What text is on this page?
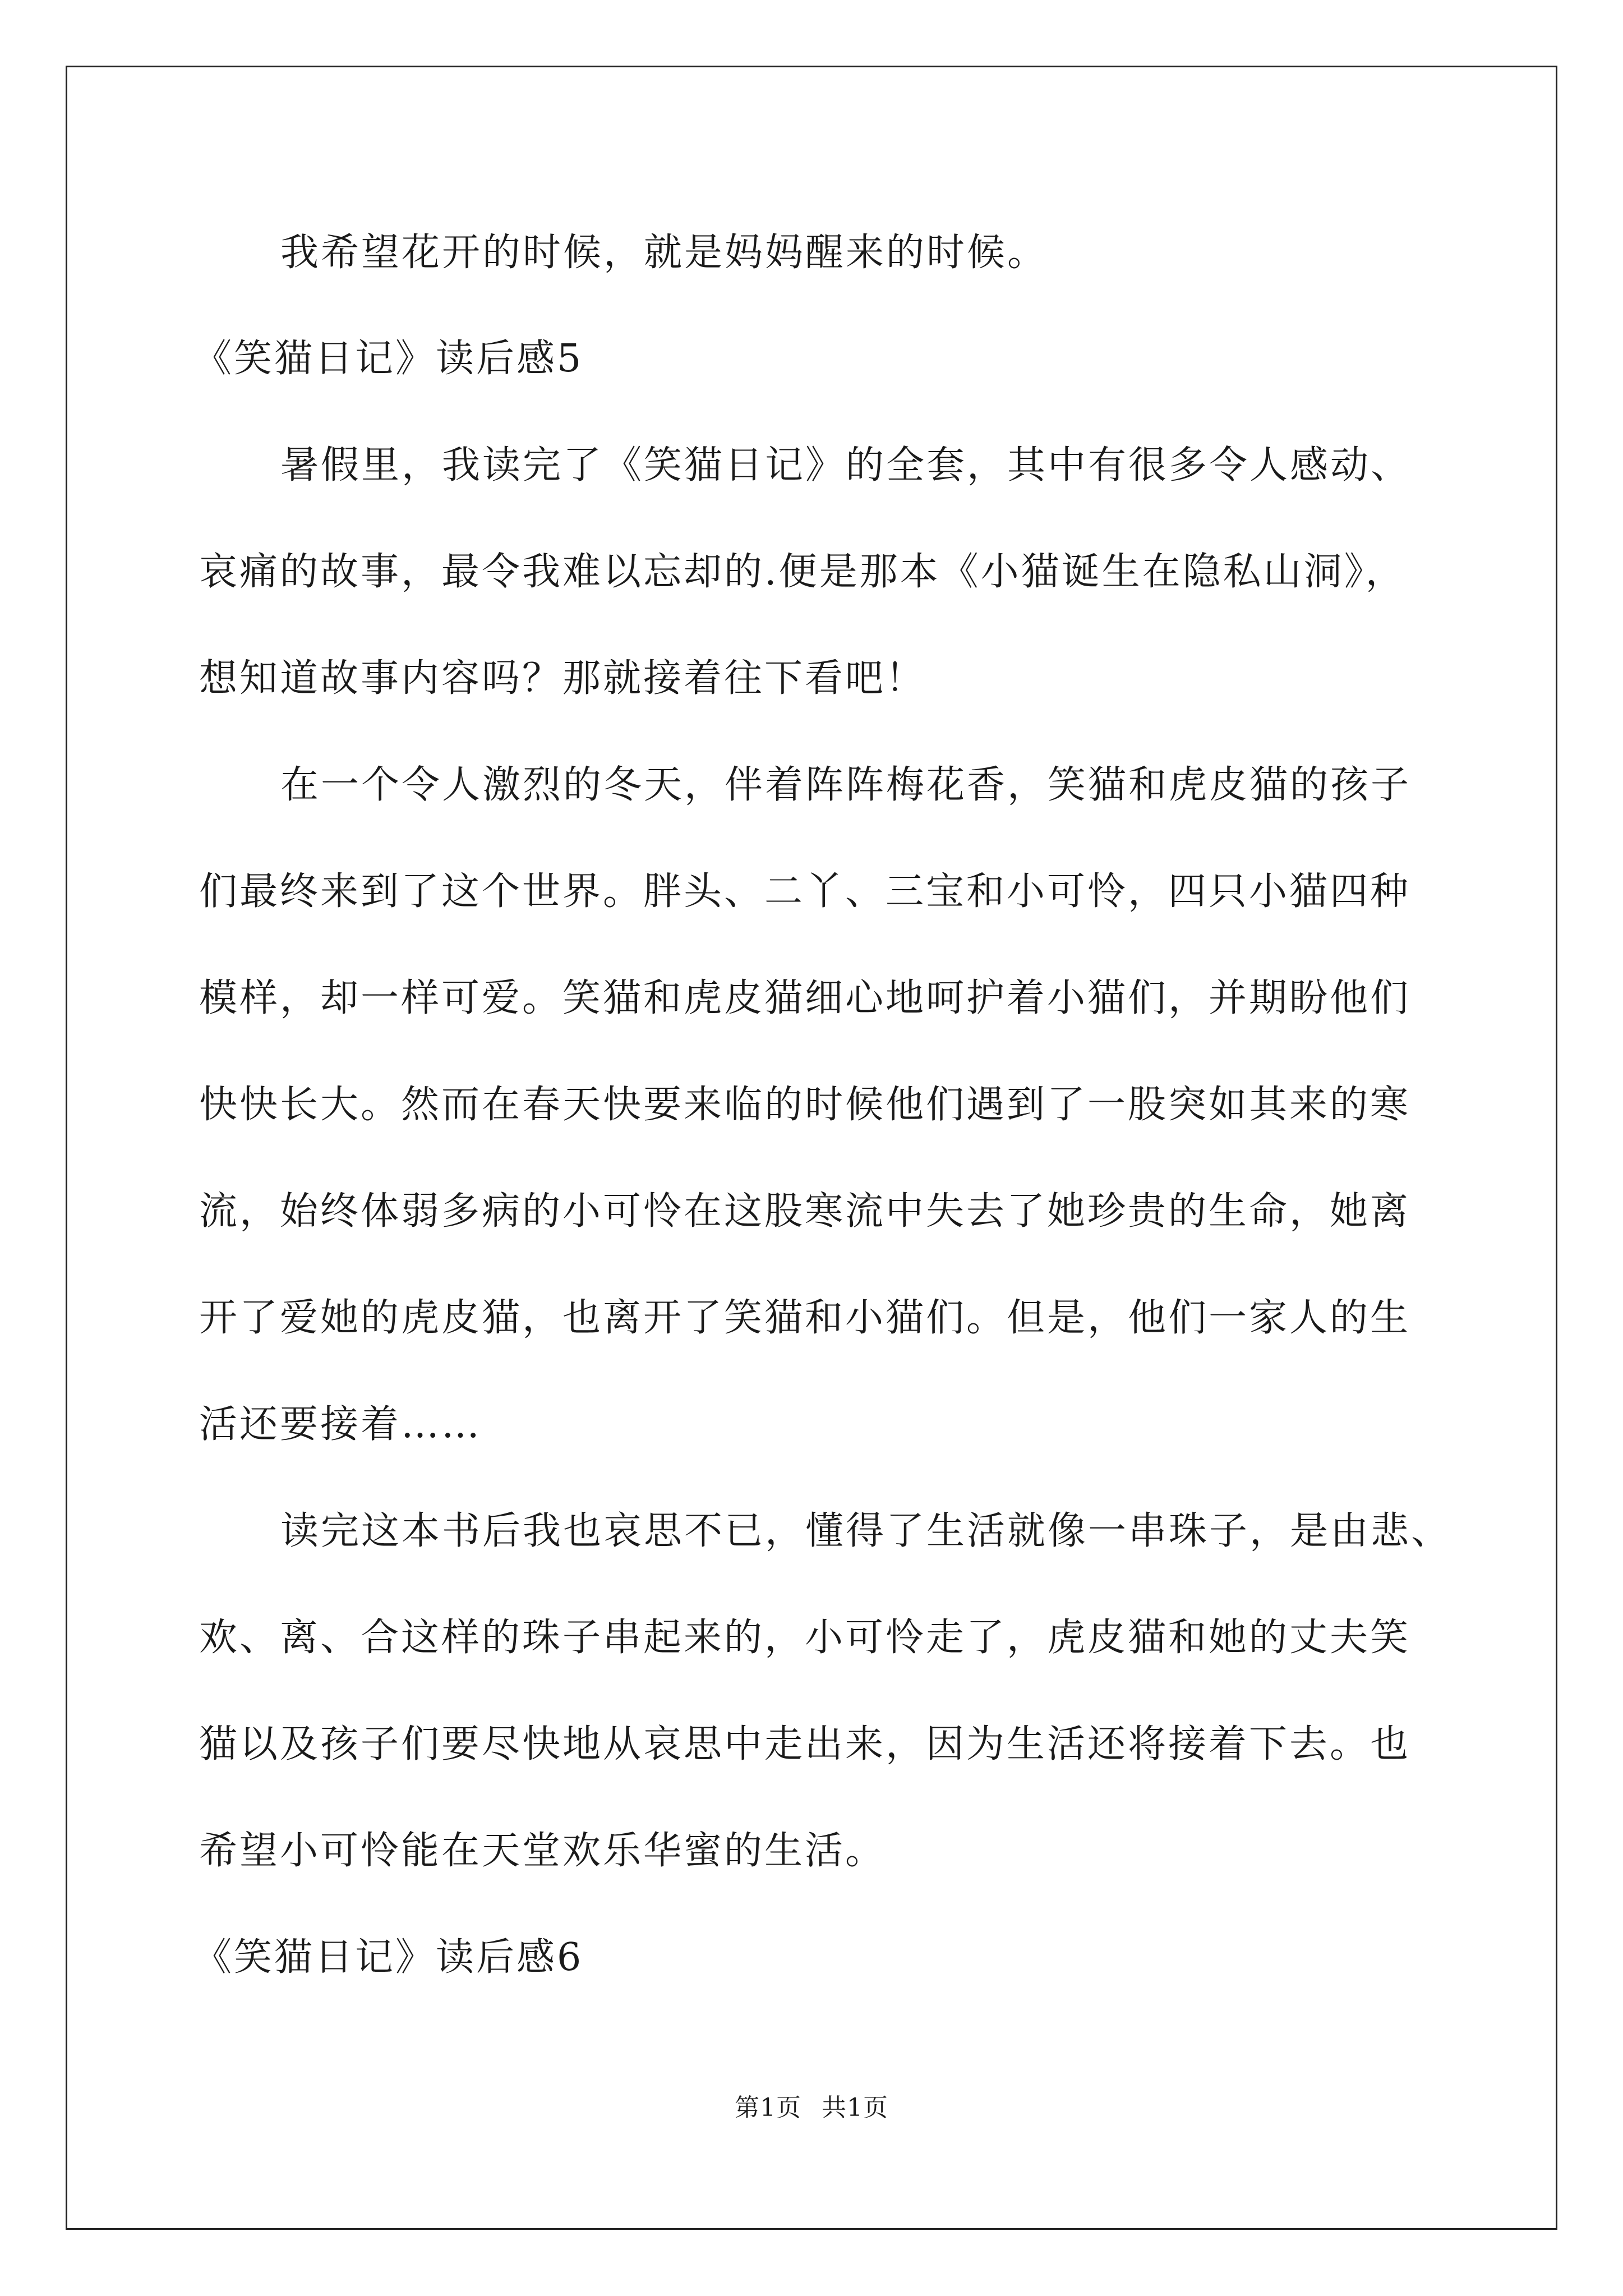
我希望花开的时候，就是妈妈醒来的时候。
《笑猫日记》读后感5
暑假里，我读完了《笑猫日记》的全套，其中有很多令人感动、
哀痛的故事，最令我难以忘却的.便是那本《小猫诞生在隐私山洞》，
想知道故事内容吗？那就接着往下看吧！
在一个令人激烈的冬天，伴着阵阵梅花香，笑猫和虎皮猫的孩子
们最终来到了这个世界。胖头、二丫、三宝和小可怜，四只小猫四种
模样，却一样可爱。笑猫和虎皮猫细心地呵护着小猫们，并期盼他们
快快长大。然而在春天快要来临的时候他们遇到了一股突如其来的寒
流，始终体弱多病的小可怜在这股寒流中失去了她珍贵的生命，她离
开了爱她的虎皮猫，也离开了笑猫和小猫们。但是，他们一家人的生
活还要接着……
读完这本书后我也哀思不已，懂得了生活就像一串珠子，是由悲、
欢、离、合这样的珠子串起来的，小可怜走了，虎皮猫和她的丈夫笑
猫以及孩子们要尽快地从哀思中走出来，因为生活还将接着下去。也
希望小可怜能在天堂欢乐华蜜的生活。
《笑猫日记》读后感6
第1页 共1页
